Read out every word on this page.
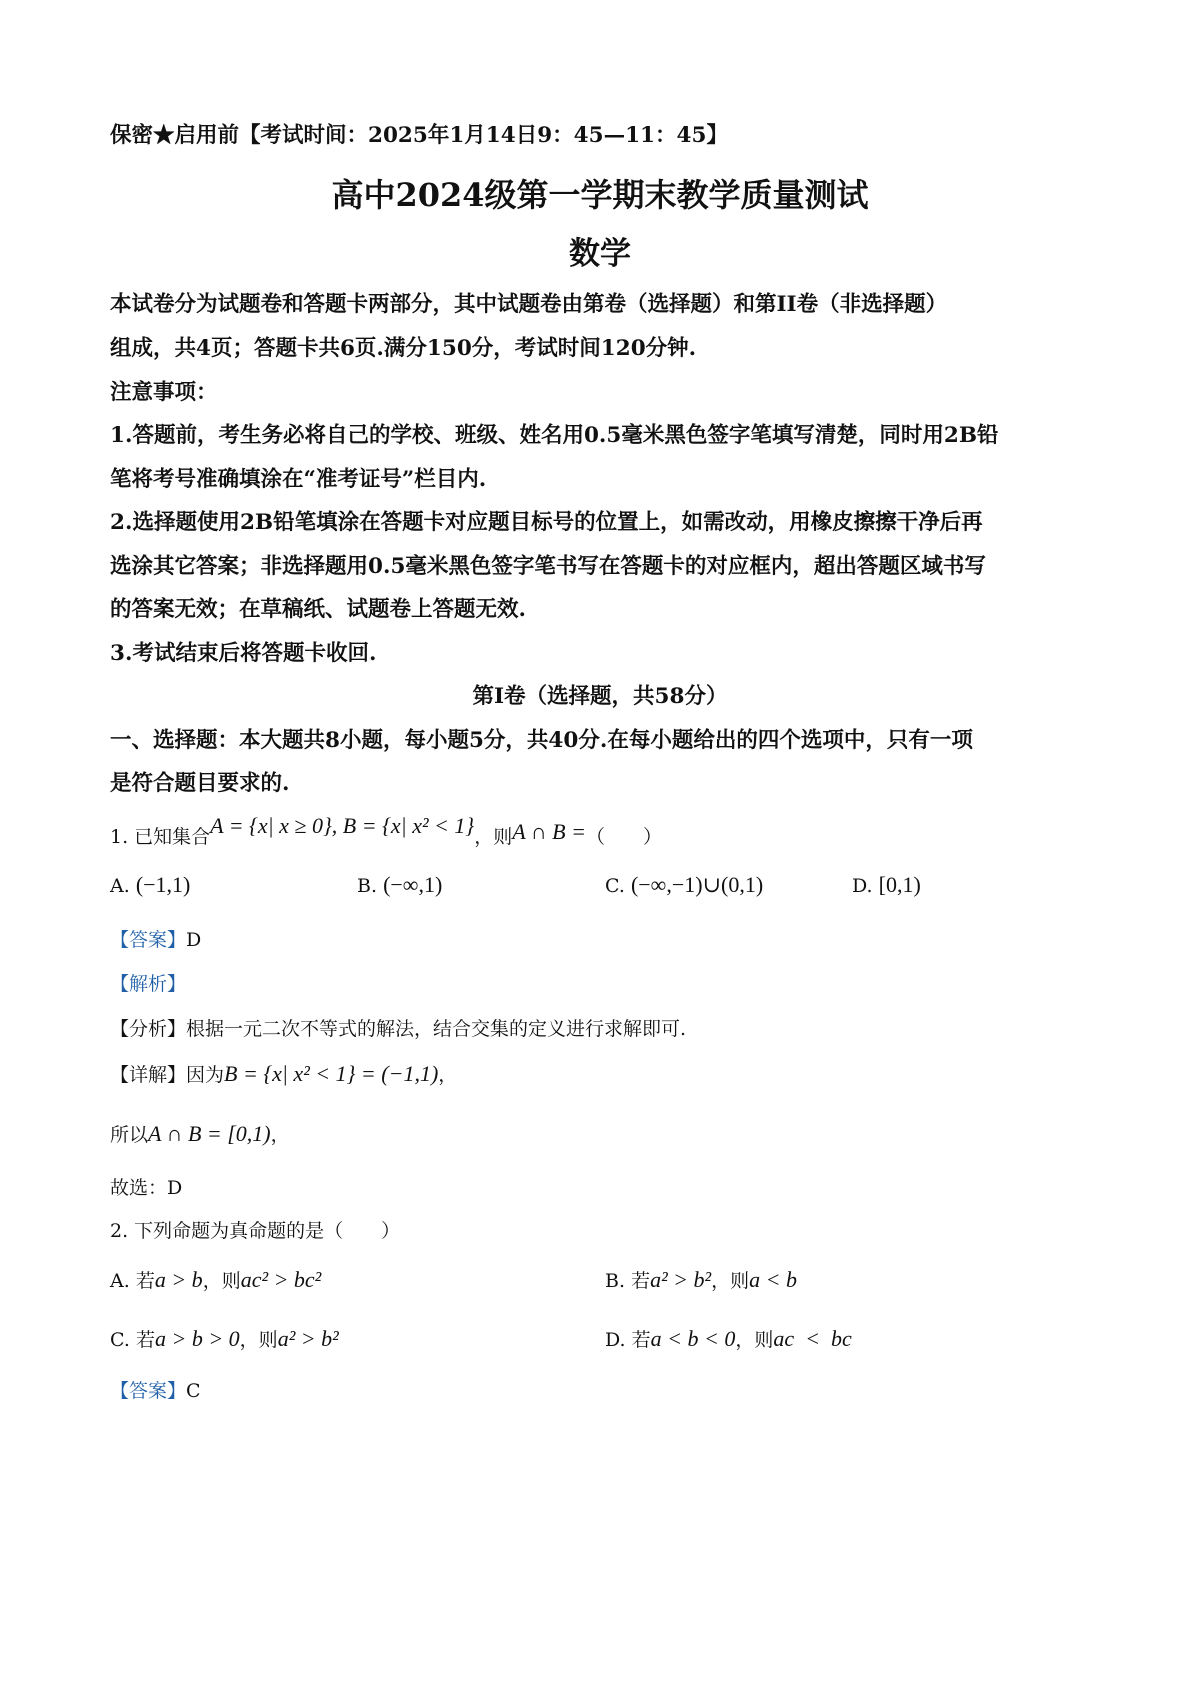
保密★启用前【考试时间：2025年1月14日9：45—11：45】
高中2024级第一学期末教学质量测试
数学
本试卷分为试题卷和答题卡两部分，其中试题卷由第卷（选择题）和第II卷（非选择题）
组成，共4页；答题卡共6页.满分150分，考试时间120分钟.
注意事项：
1.答题前，考生务必将自己的学校、班级、姓名用0.5毫米黑色签字笔填写清楚，同时用2B铅
笔将考号准确填涂在“准考证号”栏目内.
2.选择题使用2B铅笔填涂在答题卡对应题目标号的位置上，如需改动，用橡皮擦擦干净后再
选涂其它答案；非选择题用0.5毫米黑色签字笔书写在答题卡的对应框内，超出答题区域书写
的答案无效；在草稿纸、试题卷上答题无效.
3.考试结束后将答题卡收回.
第I卷（选择题，共58分）
一、选择题：本大题共8小题，每小题5分，共40分.在每小题给出的四个选项中，只有一项
是符合题目要求的.
1. 已知集合A = {x| x ≥ 0}, B = {x| x² < 1}，则A ∩ B =（　　）
A. (−1,1)	B. (−∞,1)	C. (−∞,−1)∪(0,1)	D. [0,1)
【答案】D
【解析】
【分析】根据一元二次不等式的解法，结合交集的定义进行求解即可.
【详解】因为B = {x| x² < 1} = (−1,1)，
所以A ∩ B = [0,1)，
故选：D
2. 下列命题为真命题的是（　　）
A. 若a > b，则ac² > bc²	B. 若a² > b²，则a < b
C. 若a > b > 0，则a² > b²	D. 若a < b < 0，则ac  <  bc
【答案】C
